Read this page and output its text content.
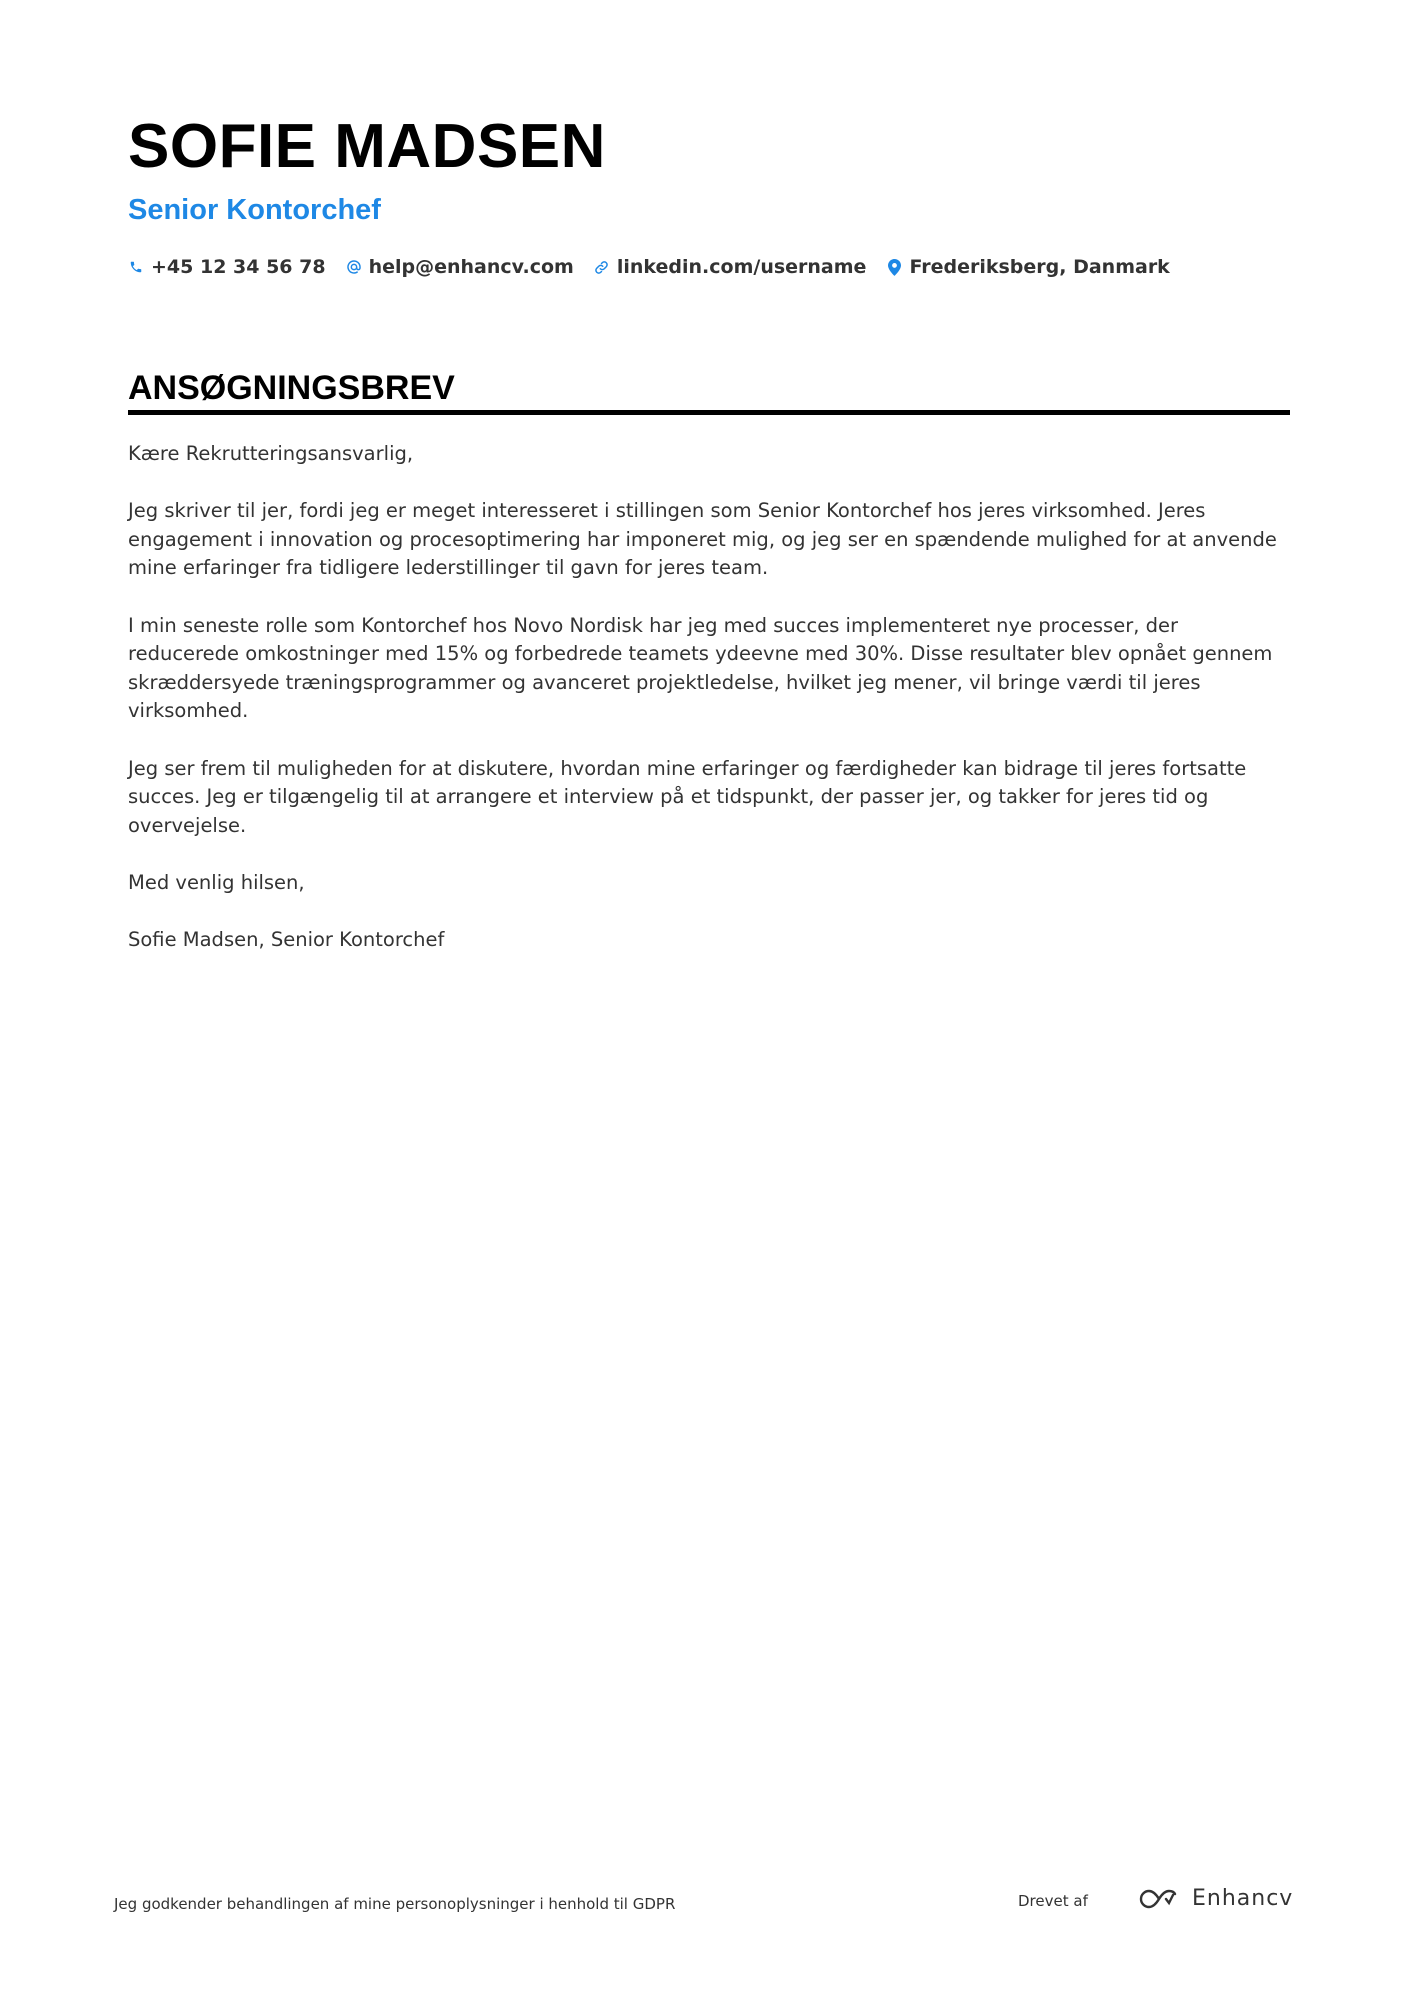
SOFIE MADSEN
Senior Kontorchef
+45 12 34 56 78 help@enhancv.com linkedin.com/username Frederiksberg, Danmark
ANSØGNINGSBREV

Kære Rekrutteringsansvarlig,

Jeg skriver til jer, fordi jeg er meget interesseret i stillingen som Senior Kontorchef hos jeres virksomhed. Jeres engagement i innovation og procesoptimering har imponeret mig, og jeg ser en spændende mulighed for at anvende mine erfaringer fra tidligere lederstillinger til gavn for jeres team.

I min seneste rolle som Kontorchef hos Novo Nordisk har jeg med succes implementeret nye processer, der reducerede omkostninger med 15% og forbedrede teamets ydeevne med 30%. Disse resultater blev opnået gennem skræddersyede træningsprogrammer og avanceret projektledelse, hvilket jeg mener, vil bringe værdi til jeres virksomhed.

Jeg ser frem til muligheden for at diskutere, hvordan mine erfaringer og færdigheder kan bidrage til jeres fortsatte succes. Jeg er tilgængelig til at arrangere et interview på et tidspunkt, der passer jer, og takker for jeres tid og overvejelse.

Med venlig hilsen,

Sofie Madsen, Senior Kontorchef

Jeg godkender behandlingen af mine personoplysninger i henhold til GDPR	Drevet af	Enhancv
